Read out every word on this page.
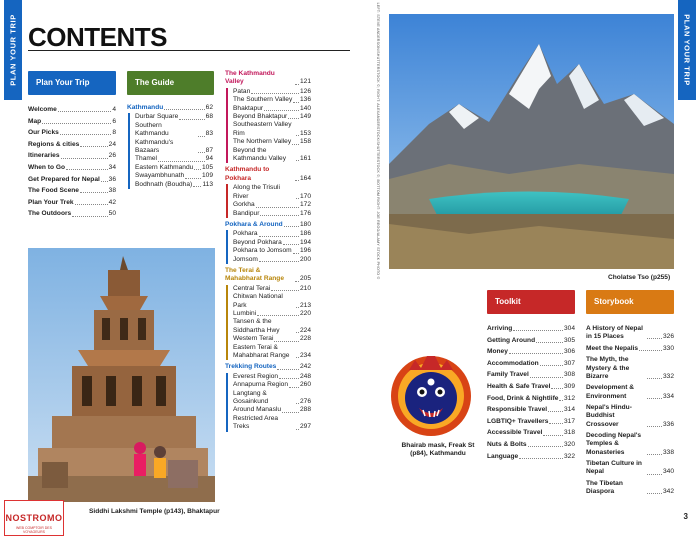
PLAN YOUR TRIP CONTENTS
Plan Your Trip	The Guide
Welcome	4
Map	6
Our Picks	8
Regions & cities	24
Itineraries	26
When to Go	34
Get Prepared for Nepal 36
The Food Scene	38
Plan Your Trek	42
The Outdoors	50
Kathmandu	62
Durbar Square	68
Southern Kathmandu	83
Kathmandu's Bazaars	87
Thamel	94
Eastern Kathmandu 105
Swayambhunath	109
Bodhnath (Boudha) 113
The Kathmandu Valley	121
Patan	126
The Southern Valley 136
Bhaktapur	140
Beyond Bhaktapur 149
Southeastern Valley Rim	153
The Northern Valley 158
Beyond the Kathmandu Valley	161
Kathmandu to Pokhara	164
Along the Trisuli River	170
Gorkha	172
Bandipur	176
Pokhara & Around	180
Pokhara	186
Beyond Pokhara	194
Pokhara to Jomsom 196
Jomsom	200
The Terai & Mahabharat Range	205
Central Terai	210
Chitwan National Park	213
Lumbini	220
Tansen & the Siddhartha Hwy	224
Western Terai	228
Eastern Terai & Mahabharat Range	234
Trekking Routes	242
Everest Region	248
Annapurna Region 260
Langtang & Gosainkund	276
Around Manaslu	288
Restricted Area Treks	297
Siddhi Lakshmi Temple (p143), Bhaktapur
NOSTROMO
WEB COMPTOIR DES VOYAGEURS
PLAN YOUR TRIP
LEFT: STEVE ANDERSON/SHUTTERSTOCK ©; RIGHT: ALEXANDERSTOCK/SHUTTERSTOCK ©; BOTTOM RIGHT: JOE REGO/ALAMY STOCK PHOTO ©	Cholatse Tso (p255)
Toolkit	Storybook
Arriving	304
Getting Around	305
Money	306
Accommodation	307
Family Travel	308
Health & Safe Travel 309
Food, Drink & Nightlife 312
Responsible Travel	314
LGBTIQ+ Travellers 317
Accessible Travel	318
Nuts & Bolts	320
Language	322
A History of Nepal in 15 Places	326
Meet the Nepalis	330
The Myth, the Mystery & the Bizarre	332
Development & Environment	334
Nepal's Hindu-Buddhist Crossover	336
Decoding Nepal's Temples & Monasteries	338
Tibetan Culture in Nepal	340
The Tibetan Diaspora	342
Bhairab mask, Freak St (p84), Kathmandu
3
